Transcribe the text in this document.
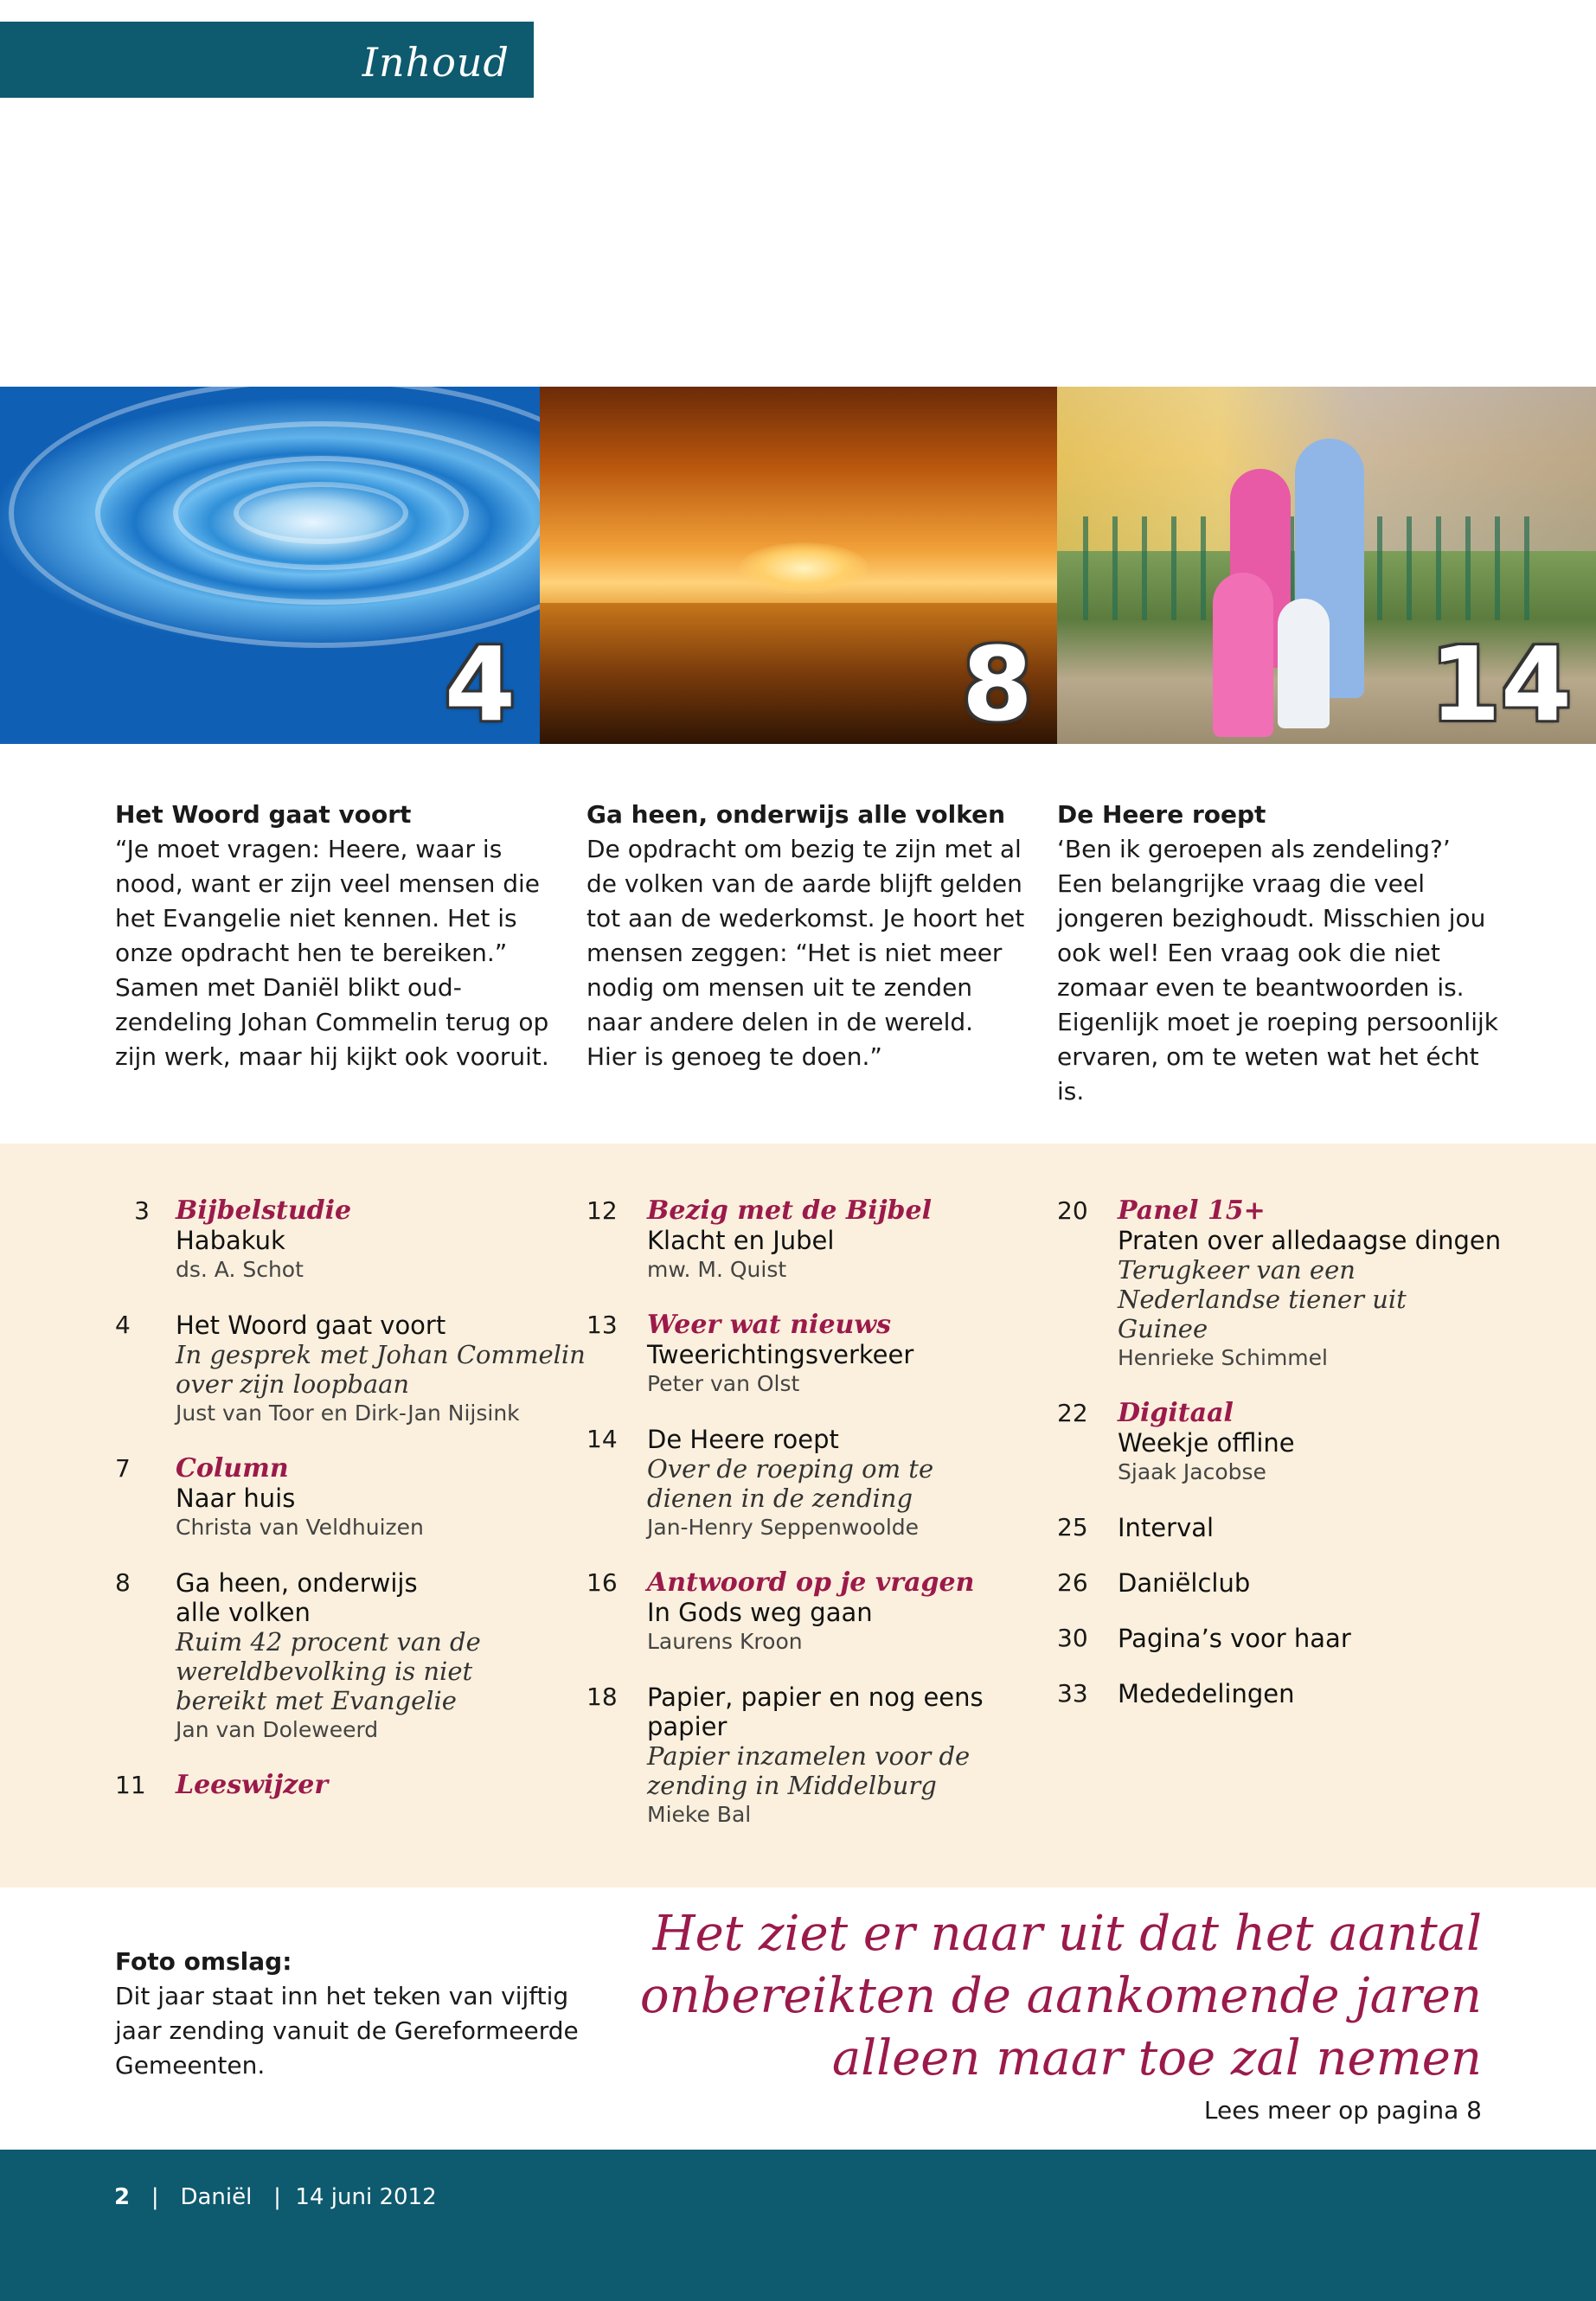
Inhoud
4	8	14
Het Woord gaat voort

“Je moet vragen: Heere, waar is nood, want er zijn veel mensen die het Evangelie niet kennen. Het is onze opdracht hen te bereiken.” Samen met Daniël blikt oud-zendeling Johan Commelin terug op zijn werk, maar hij kijkt ook vooruit.

Ga heen, onderwijs alle volken

De opdracht om bezig te zijn met al de volken van de aarde blijft gelden tot aan de wederkomst. Je hoort het mensen zeggen: “Het is niet meer nodig om mensen uit te zenden naar andere delen in de wereld. Hier is genoeg te doen.”

De Heere roept

‘Ben ik geroepen als zendeling?’ Een belangrijke vraag die veel jongeren bezighoudt. Misschien jou ook wel! Een vraag ook die niet zomaar even te beantwoorden is. Eigenlijk moet je roeping persoonlijk ervaren, om te weten wat het écht is.

3 Bijbelstudie
Habakuk
ds. A. Schot
4	Het Woord gaat voort
In gesprek met Johan Commelin over zijn loopbaan
Just van Toor en Dirk-Jan Nijsink
7	Column
Naar huis
Christa van Veldhuizen
8	Ga heen, onderwijs alle volken
Ruim 42 procent van de wereldbevolking is niet bereikt met Evangelie
Jan van Doleweerd
11 Leeswijzer
12 Bezig met de Bijbel
Klacht en Jubel
mw. M. Quist
13 Weer wat nieuws
Tweerichtingsverkeer
Peter van Olst
14 De Heere roept
Over de roeping om te dienen in de zending
Jan-Henry Seppenwoolde
16 Antwoord op je vragen
In Gods weg gaan
Laurens Kroon
18 Papier, papier en nog eens papier
Papier inzamelen voor de zending in Middelburg
Mieke Bal
20 Panel 15+
Praten over alledaagse dingen
Terugkeer van een Nederlandse tiener uit Guinee
Henrieke Schimmel
22 Digitaal
Weekje offline
Sjaak Jacobse
25 Interval
26 Daniëlclub
30 Pagina’s voor haar
33 Mededelingen
Foto omslag:

Dit jaar staat inn het teken van vijftig jaar zending vanuit de Gereformeerde Gemeenten.

Het ziet er naar uit dat het aantal onbereikten de aankomende jaren alleen maar toe zal nemen
Lees meer op pagina 8
2   |   Daniël   |  14 juni 2012
